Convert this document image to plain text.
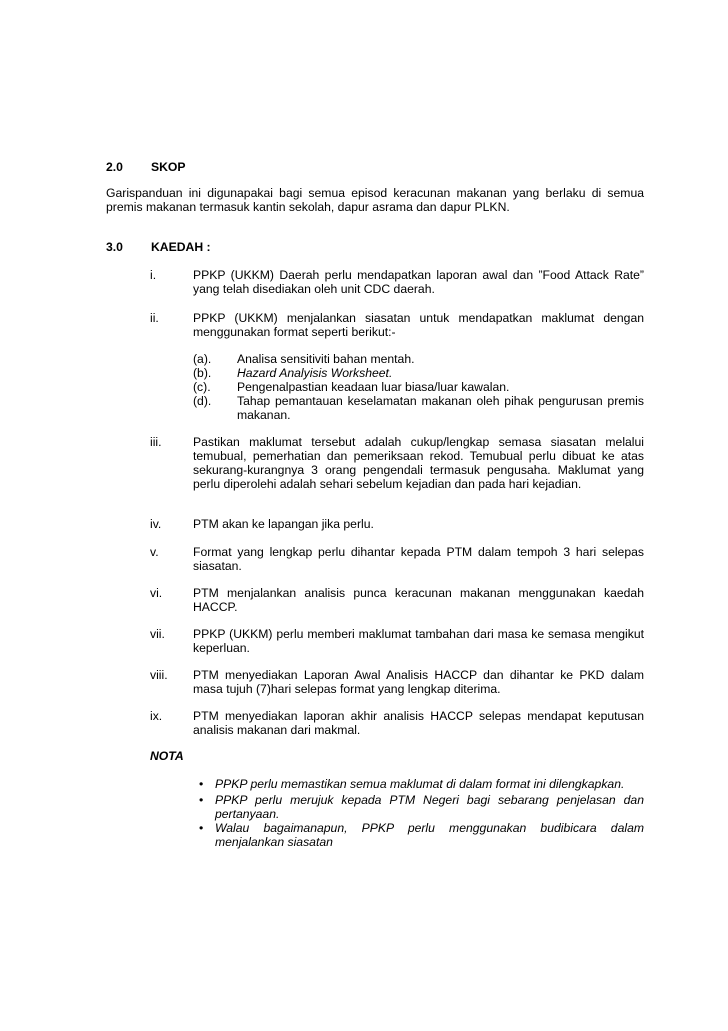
2.0 SKOP
Garispanduan ini digunapakai bagi semua episod keracunan makanan yang berlaku di semua premis makanan termasuk kantin sekolah, dapur asrama dan dapur PLKN.
3.0 KAEDAH :
i.	PPKP (UKKM) Daerah perlu mendapatkan laporan awal dan ”Food Attack Rate” yang telah disediakan oleh unit CDC daerah.
ii.	PPKP (UKKM) menjalankan siasatan untuk mendapatkan maklumat dengan menggunakan format seperti berikut:-
(a). Analisa sensitiviti bahan mentah.
(b). Hazard Analyisis Worksheet.
(c). Pengenalpastian keadaan luar biasa/luar kawalan.
(d). Tahap pemantauan keselamatan makanan oleh pihak pengurusan premis makanan.
iii.	Pastikan maklumat tersebut adalah cukup/lengkap semasa siasatan melalui temubual, pemerhatian dan pemeriksaan rekod. Temubual perlu dibuat ke atas sekurang-kurangnya 3 orang pengendali termasuk pengusaha. Maklumat yang perlu diperolehi adalah sehari sebelum kejadian dan pada hari kejadian.
iv.	PTM akan ke lapangan jika perlu.
v.	Format yang lengkap perlu dihantar kepada PTM dalam tempoh 3 hari selepas siasatan.
vi.	PTM menjalankan analisis punca keracunan makanan menggunakan kaedah HACCP.
vii. PPKP (UKKM) perlu memberi maklumat tambahan dari masa ke semasa mengikut keperluan.
viii. PTM menyediakan Laporan Awal Analisis HACCP dan dihantar ke PKD dalam masa tujuh (7)hari selepas format yang lengkap diterima.
ix.	PTM menyediakan laporan akhir analisis HACCP selepas mendapat keputusan analisis makanan dari makmal.
NOTA
• PPKP perlu memastikan semua maklumat di dalam format ini dilengkapkan.
• PPKP perlu merujuk kepada PTM Negeri bagi sebarang penjelasan dan pertanyaan.
• Walau bagaimanapun, PPKP perlu menggunakan budibicara dalam menjalankan siasatan
